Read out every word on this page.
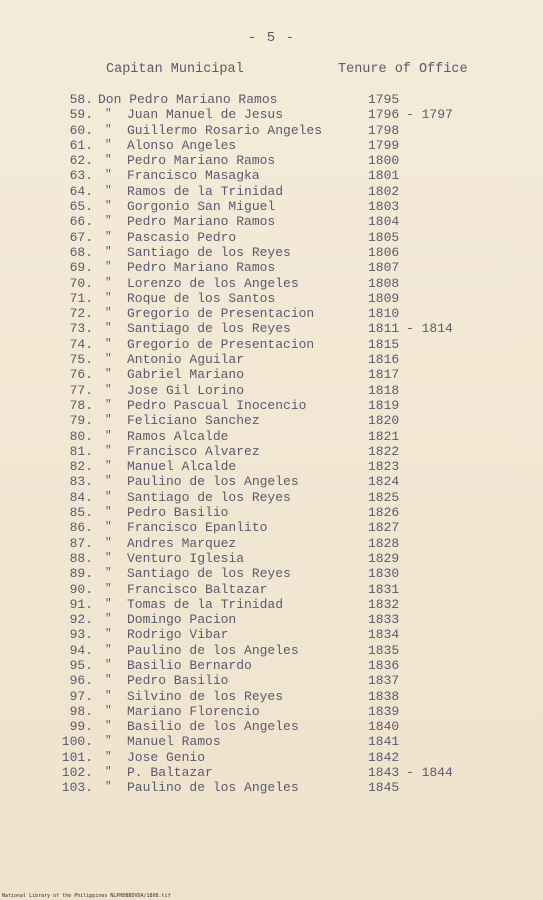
- 5 -
Capitan Municipal	Tenure of Office
58. Don Pedro Mariano Ramos	1795
59. " Juan Manuel de Jesus	1796 - 1797
60. " Guillermo Rosario Angeles	1798
61. " Alonso Angeles	1799
62. " Pedro Mariano Ramos	1800
63. " Francisco Masagka	1801
64. " Ramos de la Trinidad	1802
65. " Gorgonio San Miguel	1803
66. " Pedro Mariano Ramos	1804
67. " Pascasio Pedro	1805
68. " Santiago de los Reyes	1806
69. " Pedro Mariano Ramos	1807
70. " Lorenzo de los Angeles	1808
71. " Roque de los Santos	1809
72. " Gregorio de Presentacion	1810
73. " Santiago de los Reyes	1811 - 1814
74. " Gregorio de Presentacion	1815
75. " Antonio Aguilar	1816
76. " Gabriel Mariano	1817
77. " Jose Gil Lorino	1818
78. " Pedro Pascual Inocencio	1819
79. " Feliciano Sanchez	1820
80. " Ramos Alcalde	1821
81. " Francisco Alvarez	1822
82. " Manuel Alcalde	1823
83. " Paulino de los Angeles	1824
84. " Santiago de los Reyes	1825
85. " Pedro Basilio	1826
86. " Francisco Epanlito	1827
87. " Andres Marquez	1828
88. " Venturo Iglesia	1829
89. " Santiago de los Reyes	1830
90. " Francisco Baltazar	1831
91. " Tomas de la Trinidad	1832
92. " Domingo Pacion	1833
93. " Rodrigo Vibar	1834
94. " Paulino de los Angeles	1835
95. " Basilio Bernardo	1836
96. " Pedro Basilio	1837
97. " Silvino de los Reyes	1838
98. " Mariano Florencio	1839
99. " Basilio de los Angeles	1840
100. " Manuel Ramos	1841
101. " Jose Genio	1842
102. " P. Baltazar	1843 - 1844
103. " Paulino de los Angeles	1845
National Library of the Philippines NLPHDBBDVDA/1808.tif
